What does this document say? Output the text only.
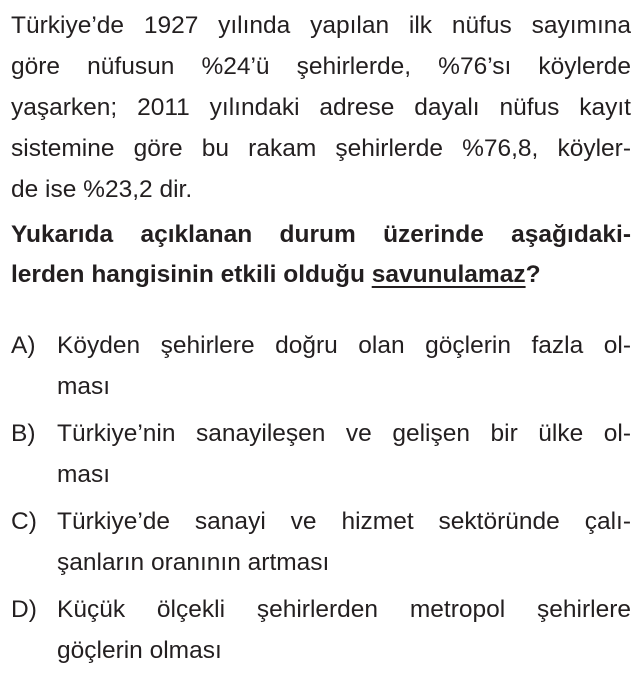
Türkiye’de 1927 yılında yapılan ilk nüfus sayımına
göre nüfusun %24’ü şehirlerde, %76’sı köylerde
yaşarken; 2011 yılındaki adrese dayalı nüfus kayıt
sistemine göre bu rakam şehirlerde %76,8, köyler-
de ise %23,2 dir.
Yukarıda açıklanan durum üzerinde aşağıdaki-
lerden hangisinin etkili olduğu savunulamaz?
A) Köyden şehirlere doğru olan göçlerin fazla ol-
ması
B) Türkiye’nin sanayileşen ve gelişen bir ülke ol-
ması
C) Türkiye’de sanayi ve hizmet sektöründe çalı-
şanların oranının artması
D) Küçük ölçekli şehirlerden metropol şehirlere
göçlerin olması
